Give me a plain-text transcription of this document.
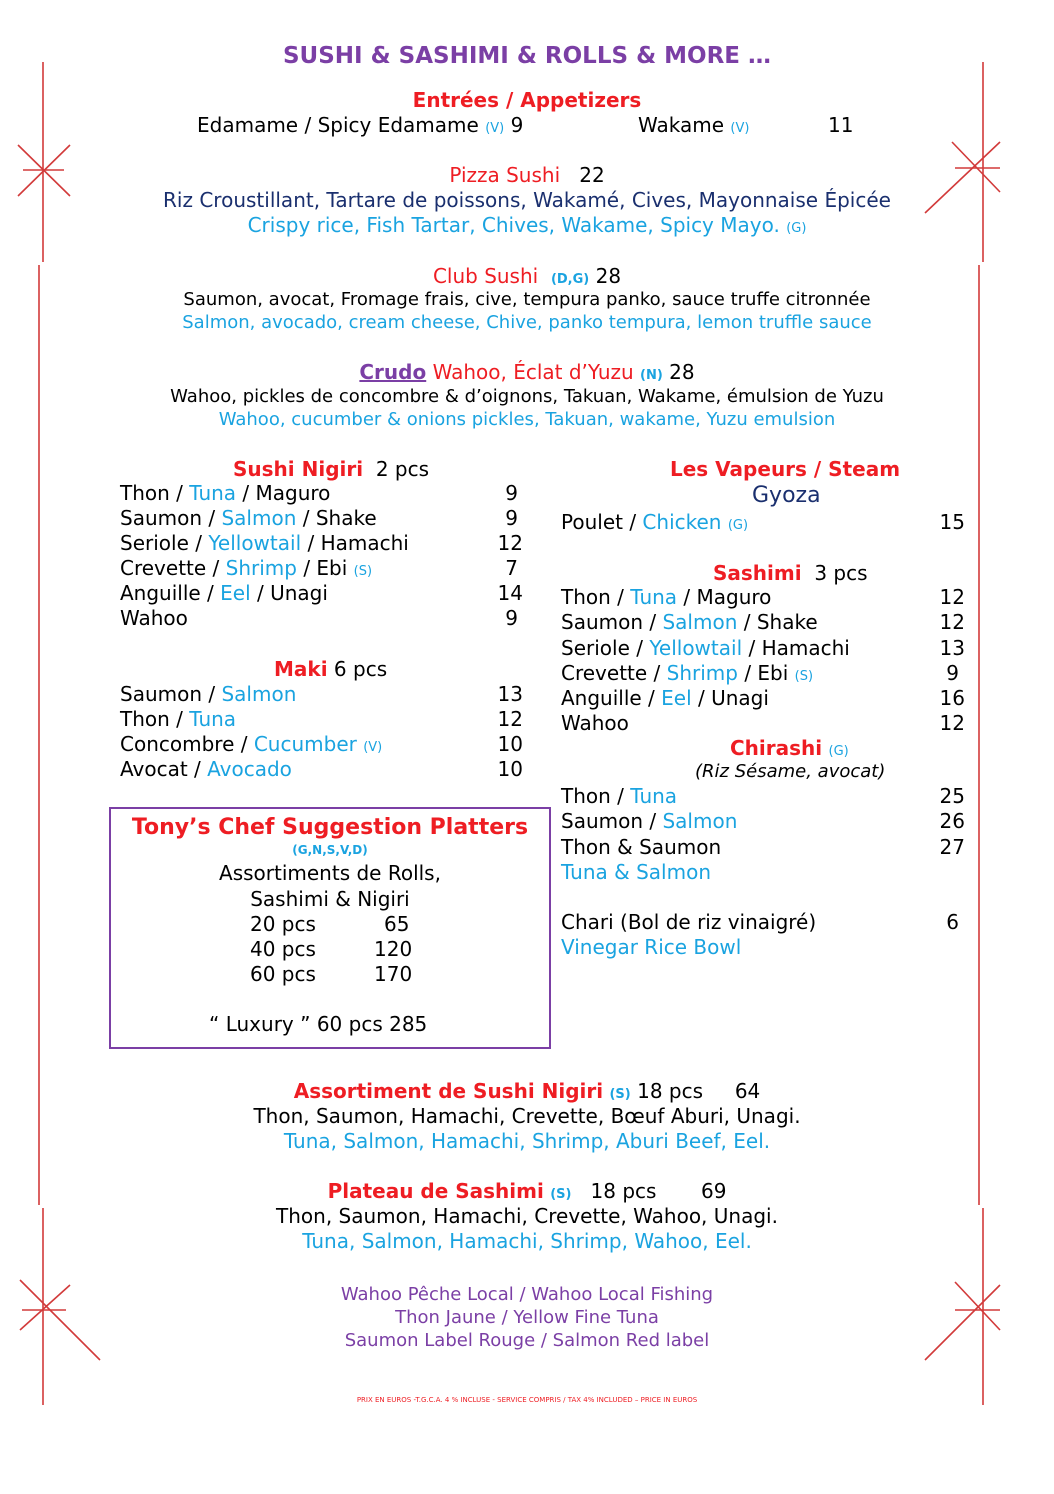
SUSHI & SASHIMI & ROLLS & MORE …
Entrées / Appetizers
Edamame / Spicy Edamame (V) 9	Wakame (V)	11
Pizza Sushi 22
Riz Croustillant, Tartare de poissons, Wakamé, Cives, Mayonnaise Épicée
Crispy rice, Fish Tartar, Chives, Wakame, Spicy Mayo. (G)
Club Sushi (D,G) 28
Saumon, avocat, Fromage frais, cive, tempura panko, sauce truffe citronnée
Salmon, avocado, cream cheese, Chive, panko tempura, lemon truffle sauce
Crudo Wahoo, Éclat d’Yuzu (N) 28
Wahoo, pickles de concombre & d’oignons, Takuan, Wakame, émulsion de Yuzu
Wahoo, cucumber & onions pickles, Takuan, wakame, Yuzu emulsion
Sushi Nigiri 2 pcs
Thon / Tuna / Maguro	9
Saumon / Salmon / Shake	9
Seriole / Yellowtail / Hamachi	12
Crevette / Shrimp / Ebi (S)	7
Anguille / Eel / Unagi	14
Wahoo	9
Maki 6 pcs
Saumon / Salmon	13
Thon / Tuna	12
Concombre / Cucumber (V)	10
Avocat / Avocado	10
Tony’s Chef Suggestion Platters
(G,N,S,V,D)
Assortiments de Rolls,
Sashimi & Nigiri
20 pcs	65
40 pcs	120
60 pcs	170
“ Luxury ” 60 pcs 285
Les Vapeurs / Steam
Gyoza
Poulet / Chicken (G)	15
Sashimi 3 pcs
Thon / Tuna / Maguro	12
Saumon / Salmon / Shake	12
Seriole / Yellowtail / Hamachi	13
Crevette / Shrimp / Ebi (S)	9
Anguille / Eel / Unagi	16
Wahoo	12
Chirashi (G)
(Riz Sésame, avocat)
Thon / Tuna	25
Saumon / Salmon	26
Thon & Saumon	27
Tuna & Salmon
Chari (Bol de riz vinaigré)	6
Vinegar Rice Bowl
Assortiment de Sushi Nigiri (S) 18 pcs 64
Thon, Saumon, Hamachi, Crevette, Bœuf Aburi, Unagi.
Tuna, Salmon, Hamachi, Shrimp, Aburi Beef, Eel.
Plateau de Sashimi (S) 18 pcs 69
Thon, Saumon, Hamachi, Crevette, Wahoo, Unagi.
Tuna, Salmon, Hamachi, Shrimp, Wahoo, Eel.
Wahoo Pêche Local / Wahoo Local Fishing
Thon Jaune / Yellow Fine Tuna
Saumon Label Rouge / Salmon Red label
PRIX EN EUROS -T.G.C.A. 4 % INCLUSE - SERVICE COMPRIS / TAX 4% INCLUDED – PRICE IN EUROS
